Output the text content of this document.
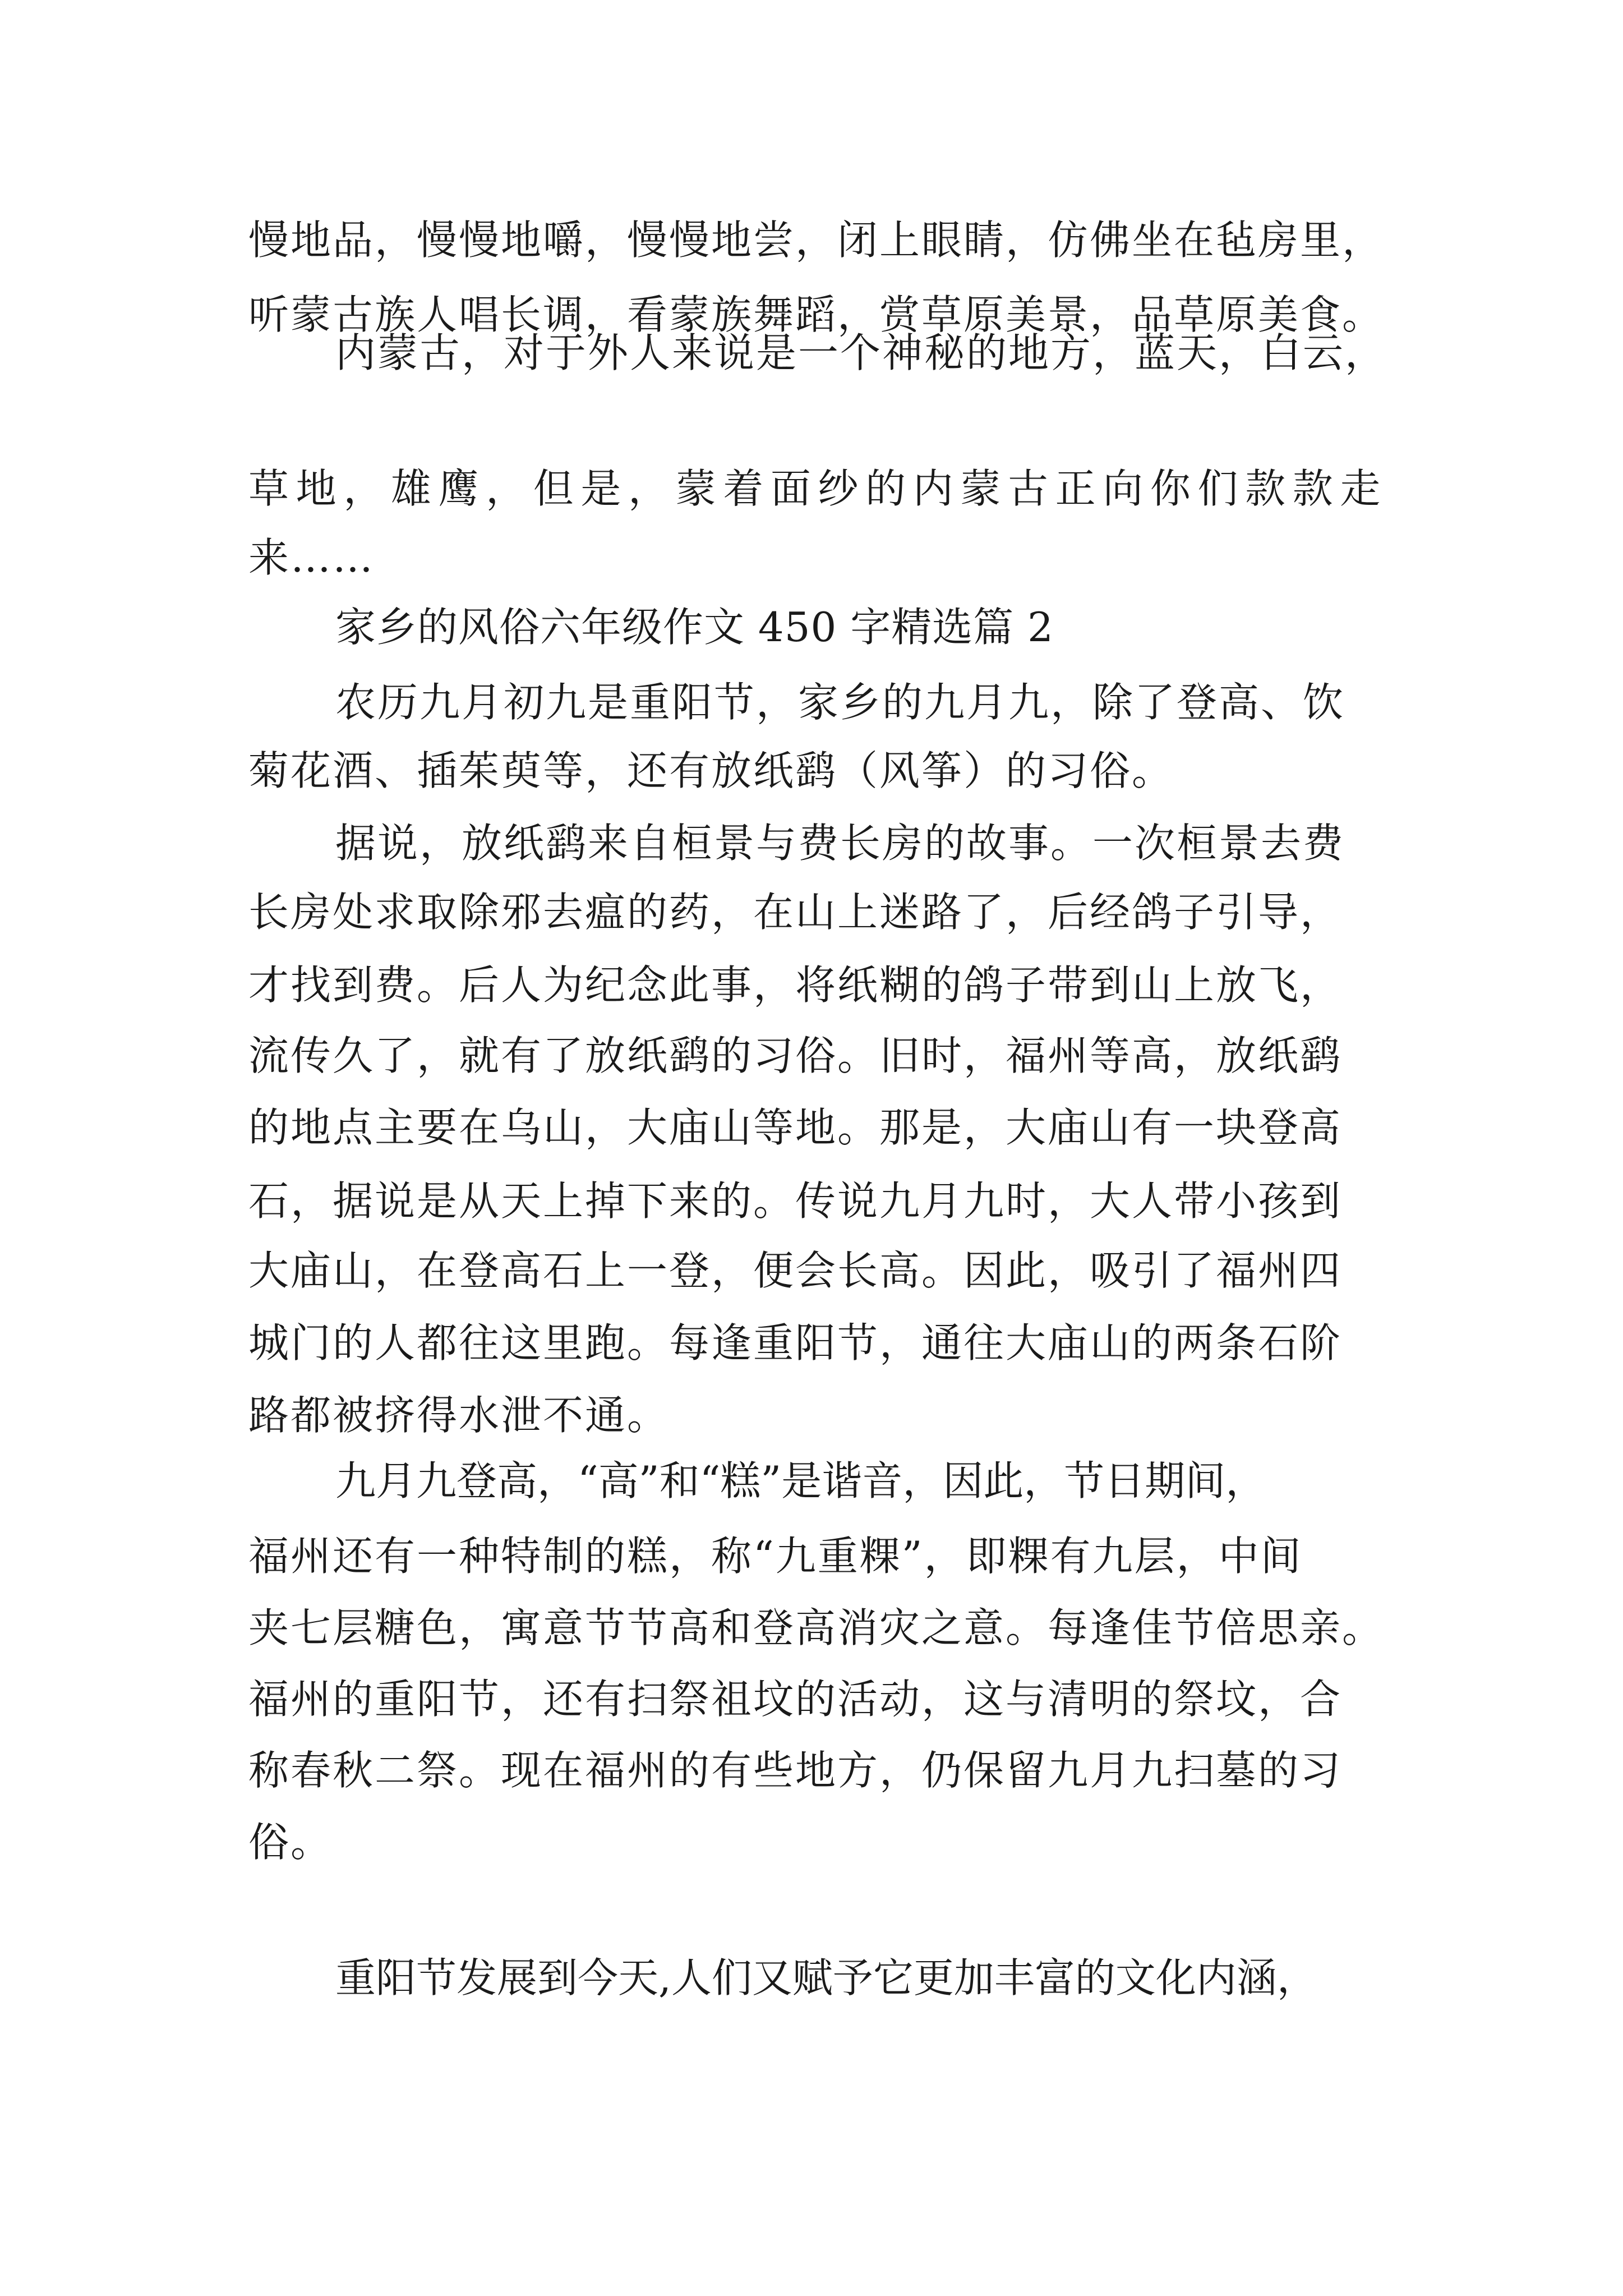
慢地品，慢慢地嚼，慢慢地尝，闭上眼睛，仿佛坐在毡房里，

听蒙古族人唱长调，看蒙族舞蹈，赏草原美景，品草原美食。

内蒙古，对于外人来说是一个神秘的地方，蓝天，白云，

草地，雄鹰，但是，蒙着面纱的内蒙古正向你们款款走

来……

家乡的风俗六年级作文 450 字精选篇 2

农历九月初九是重阳节，家乡的九月九，除了登高、饮

菊花酒、插茱萸等，还有放纸鹞（风筝）的习俗。

据说，放纸鹞来自桓景与费长房的故事。一次桓景去费

长房处求取除邪去瘟的药，在山上迷路了，后经鸽子引导，

才找到费。后人为纪念此事，将纸糊的鸽子带到山上放飞，

流传久了，就有了放纸鹞的习俗。旧时，福州等高，放纸鹞

的地点主要在乌山，大庙山等地。那是，大庙山有一块登高

石，据说是从天上掉下来的。传说九月九时，大人带小孩到

大庙山，在登高石上一登，便会长高。因此，吸引了福州四

城门的人都往这里跑。每逢重阳节，通往大庙山的两条石阶

路都被挤得水泄不通。

九月九登高，“高”和“糕”是谐音，因此，节日期间，

福州还有一种特制的糕，称“九重粿”，即粿有九层，中间

夹七层糖色，寓意节节高和登高消灾之意。每逢佳节倍思亲。

福州的重阳节，还有扫祭祖坟的活动，这与清明的祭坟，合

称春秋二祭。现在福州的有些地方，仍保留九月九扫墓的习

俗。

重阳节发展到今天,人们又赋予它更加丰富的文化内涵，
